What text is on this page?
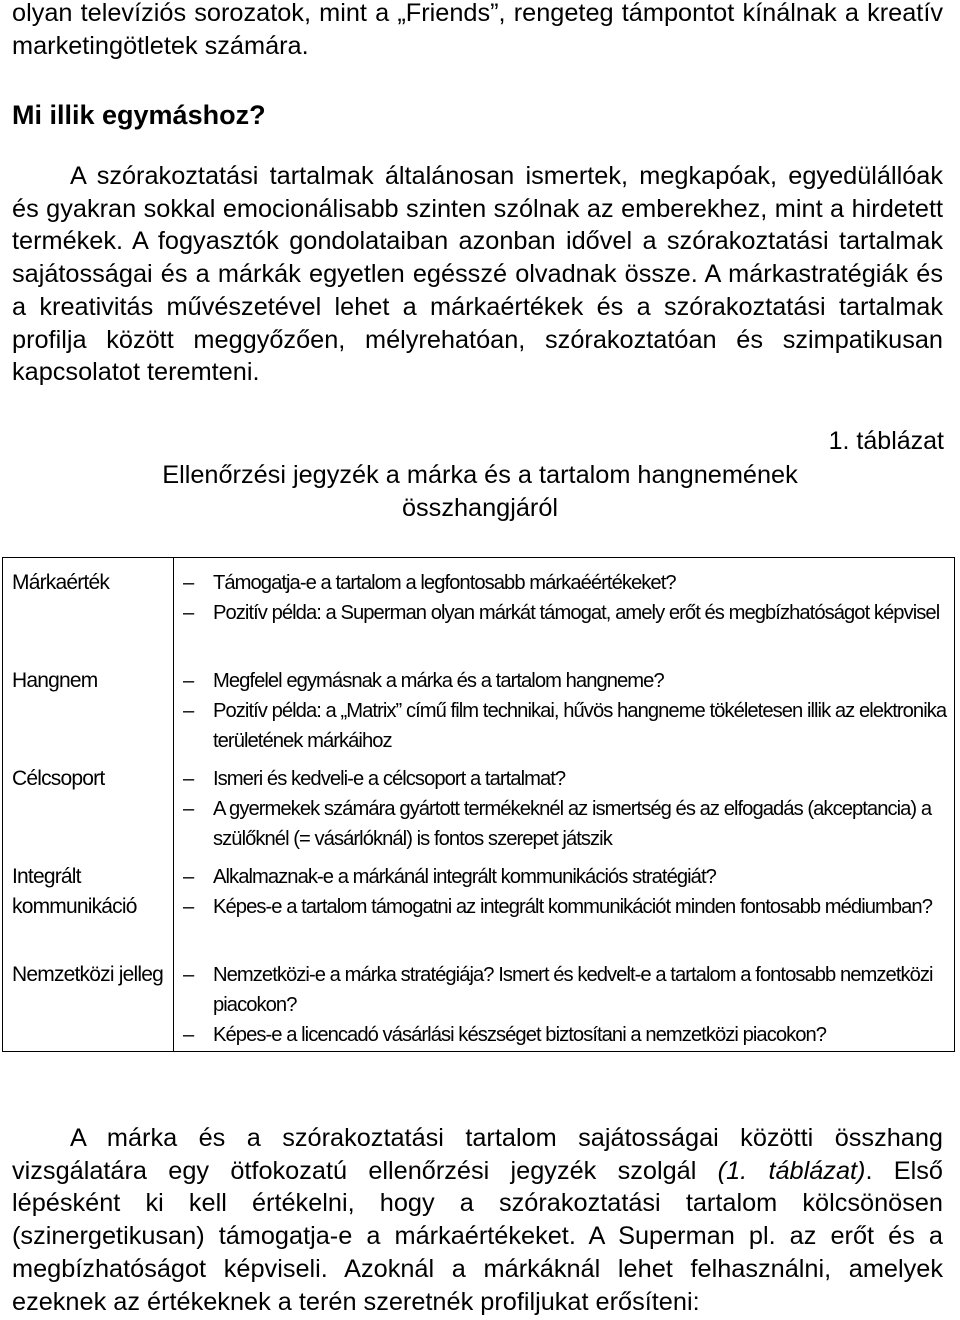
olyan televíziós sorozatok, mint a „Friends”, rengeteg támpontot kínálnak a kreatív marketingötletek számára.

Mi illik egymáshoz?

A szórakoztatási tartalmak általánosan ismertek, megkapóak, egyedülállóak és gyakran sokkal emocionálisabb szinten szólnak az emberekhez, mint a hirdetett termékek. A fogyasztók gondolataiban azonban idővel a szórakoztatási tartalmak sajátosságai és a márkák egyetlen egésszé olvadnak össze. A márkastratégiák és a kreativitás művészetével lehet a márkaértékek és a szórakoztatási tartalmak profilja között meggyőzően, mélyrehatóan, szórakoztatóan és szimpatikusan kapcsolatot teremteni.

1. táblázat
Ellenőrzési jegyzék a márka és a tartalom hangnemének
összhangjáról
Márkaérték	– Támogatja-e a tartalom a legfontosabb márkaéértékeket?
– Pozitív példa: a Superman olyan márkát támogat, amely erőt és megbízhatóságot képvisel
Hangnem	– Megfelel egymásnak a márka és a tartalom hangneme?
– Pozitív példa: a „Matrix” című film technikai, hűvös hangneme tökéletesen illik az elektronika területének márkáihoz
Célcsoport	– Ismeri és kedveli-e a célcsoport a tartalmat?
– A gyermekek számára gyártott termékeknél az ismertség és az elfogadás (akceptancia) a szülőknél (= vásárlóknál) is fontos szerepet játszik
Integrált kommunikáció
– Alkalmaznak-e a márkánál integrált kommunikációs stratégiát?
– Képes-e a tartalom támogatni az integrált kommunikációt minden fontosabb médiumban?
Nemzetközi jelleg – Nemzetközi-e a márka stratégiája? Ismert és kedvelt-e a tartalom a fontosabb nemzetközi piacokon?
– Képes-e a licencadó vásárlási készséget biztosítani a nemzetközi piacokon?

A márka és a szórakoztatási tartalom sajátosságai közötti összhang vizsgálatára egy ötfokozatú ellenőrzési jegyzék szolgál (1. táblázat). Első lépésként ki kell értékelni, hogy a szórakoztatási tartalom kölcsönösen (szinergetikusan) támogatja-e a márkaértékeket. A Superman pl. az erőt és a megbízhatóságot képviseli. Azoknál a márkáknál lehet felhasználni, amelyek ezeknek az értékeknek a terén szeretnék profiljukat erősíteni:
